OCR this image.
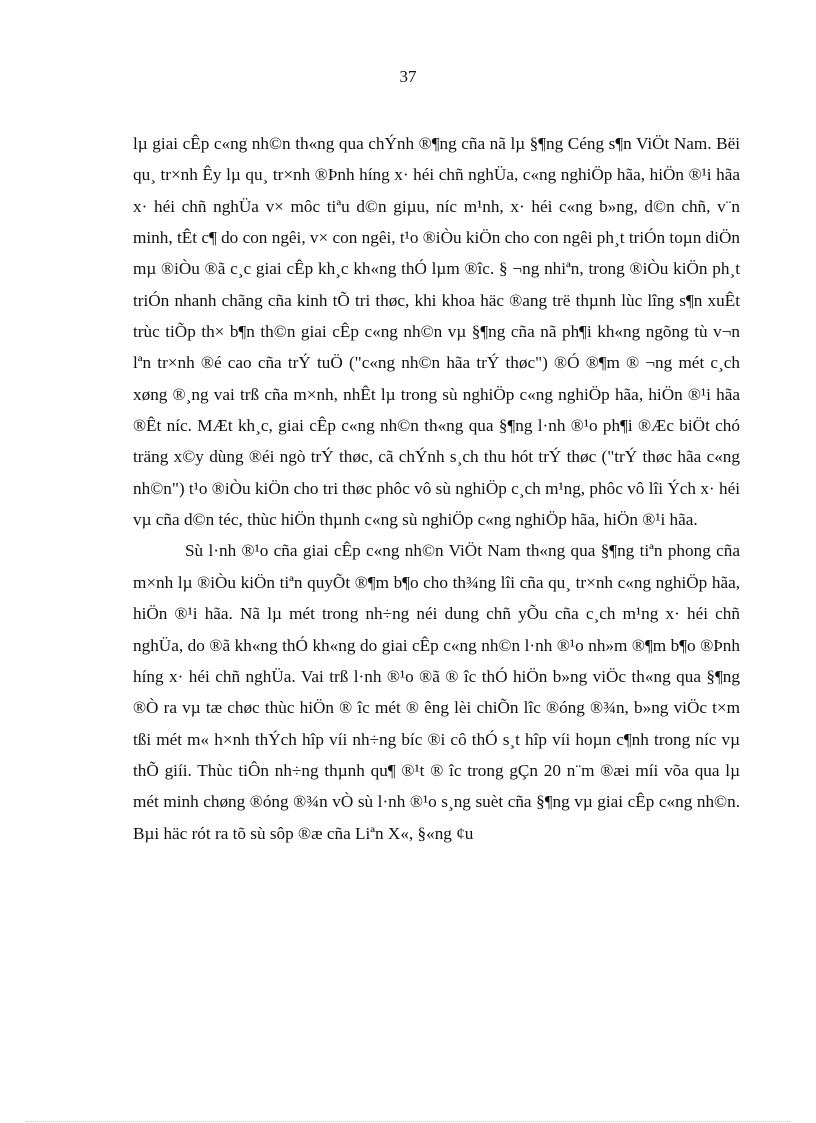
37

lµ giai cÊp c«ng nh©n th«ng qua chÝnh ®¶ng cña nã lµ §¶ng Céng s¶n ViÖt Nam. Bëi qu¸ tr×nh Êy lµ qu¸ tr×nh ®Þnh híng x· héi chñ nghÜa, c«ng nghiÖp hãa, hiÖn ®¹i hãa x· héi chñ nghÜa v× môc tiªu d©n giµu, níc m¹nh, x· héi c«ng b»ng, d©n chñ, v¨n minh, tÊt c¶ do con ngêi, v× con ngêi, t¹o ®iÒu kiÖn cho con ngêi ph¸t triÓn toµn diÖn mµ ®iÒu ®ã c¸c giai cÊp kh¸c kh«ng thÓ lµm ®îc. § ¬ng nhiªn, trong ®iÒu kiÖn ph¸t triÓn nhanh chãng cña kinh tÕ tri thøc, khi khoa häc ®ang trë thµnh lùc lîng s¶n xuÊt trùc tiÕp th× b¶n th©n giai cÊp c«ng nh©n vµ §¶ng cña nã ph¶i kh«ng ngõng tù v¬n lªn tr×nh ®é cao cña trÝ tuÖ ("c«ng nh©n hãa trÝ thøc") ®Ó ®¶m ® ¬ng mét c¸ch xøng ®¸ng vai trß cña m×nh, nhÊt lµ trong sù nghiÖp c«ng nghiÖp hãa, hiÖn ®¹i hãa ®Êt níc. MÆt kh¸c, giai cÊp c«ng nh©n th«ng qua §¶ng l·nh ®¹o ph¶i ®Æc biÖt chó träng x©y dùng ®éi ngò trÝ thøc, cã chÝnh s¸ch thu hót trÝ thøc ("trÝ thøc hãa c«ng nh©n") t¹o ®iÒu kiÖn cho tri thøc phôc vô sù nghiÖp c¸ch m¹ng, phôc vô lîi Ých x· héi vµ cña d©n téc, thùc hiÖn thµnh c«ng sù nghiÖp c«ng nghiÖp hãa, hiÖn ®¹i hãa.

Sù l·nh ®¹o cña giai cÊp c«ng nh©n ViÖt Nam th«ng qua §¶ng tiªn phong cña m×nh lµ ®iÒu kiÖn tiªn quyÕt ®¶m b¶o cho th¾ng lîi cña qu¸ tr×nh c«ng nghiÖp hãa, hiÖn ®¹i hãa. Nã lµ mét trong nh÷ng néi dung chñ yÕu cña c¸ch m¹ng x· héi chñ nghÜa, do ®ã kh«ng thÓ kh«ng do giai cÊp c«ng nh©n l·nh ®¹o nh»m ®¶m b¶o ®Þnh híng x· héi chñ nghÜa. Vai trß l·nh ®¹o ®ã ® îc thÓ hiÖn b»ng viÖc th«ng qua §¶ng ®Ò ra vµ tæ chøc thùc hiÖn ® îc mét ® êng lèi chiÕn lîc ®óng ®¾n, b»ng viÖc t×m tßi mét m« h×nh thÝch hîp víi nh÷ng bíc ®i cô thÓ s¸t hîp víi hoµn c¶nh trong níc vµ thÕ giíi. Thùc tiÔn nh÷ng thµnh qu¶ ®¹t ® îc trong gÇn 20 n¨m ®æi míi võa qua lµ mét minh chøng ®óng ®¾n vÒ sù l·nh ®¹o s¸ng suèt cña §¶ng vµ giai cÊp c«ng nh©n. Bµi häc rót ra tõ sù sôp ®æ cña Liªn X«, §«ng ¢u
